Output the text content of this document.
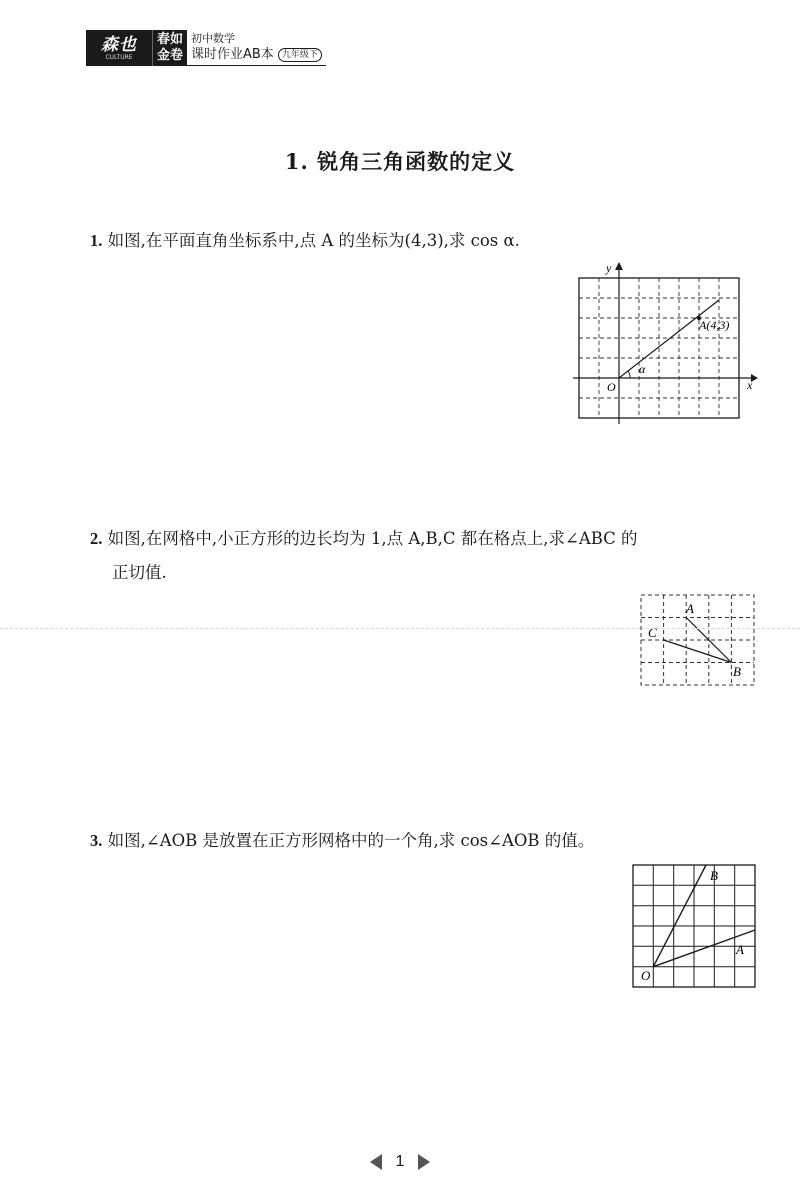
森也
CULTURE
春如
金卷
初中数学
课时作业AB本 九年级下
1. 锐角三角函数的定义
1. 如图,在平面直角坐标系中,点 A 的坐标为(4,3),求 cos α.
x
y
O
A(4,3)
α
2. 如图,在网格中,小正方形的边长均为 1,点 A,B,C 都在格点上,求∠ABC 的
正切值.
A
B
C
3. 如图,∠AOB 是放置在正方形网格中的一个角,求 cos∠AOB 的值。
O
A
B
1
